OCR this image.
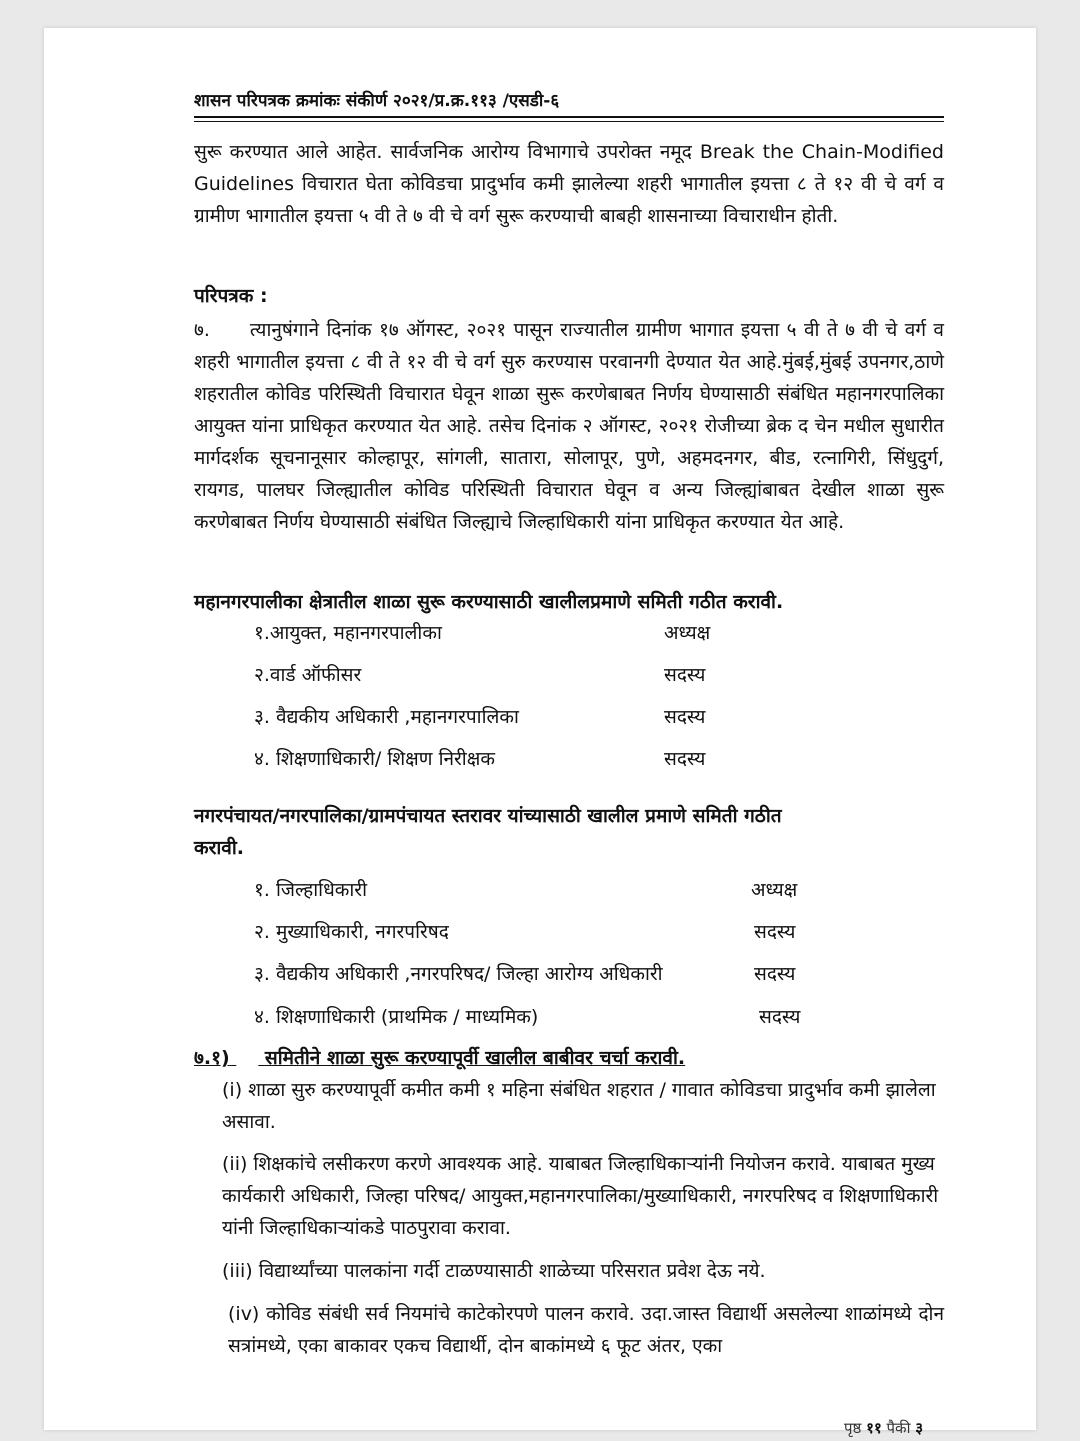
शासन परिपत्रक क्रमांकः संकीर्ण २०२१/प्र.क्र.११३ /एसडी-६
सुरू करण्यात आले आहेत. सार्वजनिक आरोग्य विभागाचे उपरोक्त नमूद Break the Chain-Modified Guidelines विचारात घेता कोविडचा प्रादुर्भाव कमी झालेल्या शहरी भागातील इयत्ता ८ ते १२ वी चे वर्ग व ग्रामीण भागातील इयत्ता ५ वी ते ७ वी चे वर्ग सुरू करण्याची बाबही शासनाच्या विचाराधीन होती.
परिपत्रक :
७. त्यानुषंगाने दिनांक १७ ऑगस्ट, २०२१ पासून राज्यातील ग्रामीण भागात इयत्ता ५ वी ते ७ वी चे वर्ग व शहरी भागातील इयत्ता ८ वी ते १२ वी चे वर्ग सुरु करण्यास परवानगी देण्यात येत आहे.मुंबई,मुंबई उपनगर,ठाणे शहरातील कोविड परिस्थिती विचारात घेवून शाळा सुरू करणेबाबत निर्णय घेण्यासाठी संबंधित महानगरपालिका आयुक्त यांना प्राधिकृत करण्यात येत आहे. तसेच दिनांक २ ऑगस्ट, २०२१ रोजीच्या ब्रेक द चेन मधील सुधारीत मार्गदर्शक सूचनानूसार कोल्हापूर, सांगली, सातारा, सोलापूर, पुणे, अहमदनगर, बीड, रत्नागिरी, सिंधुदुर्ग, रायगड, पालघर जिल्ह्यातील कोविड परिस्थिती विचारात घेवून व अन्य जिल्ह्यांबाबत देखील शाळा सुरू करणेबाबत निर्णय घेण्यासाठी संबंधित जिल्ह्याचे जिल्हाधिकारी यांना प्राधिकृत करण्यात येत आहे.
महानगरपालीका क्षेत्रातील शाळा सुरू करण्यासाठी खालीलप्रमाणे समिती गठीत करावी.
१.आयुक्त, महानगरपालीका	अध्यक्ष
२.वार्ड ऑफीसर	सदस्य
३. वैद्यकीय अधिकारी ,महानगरपालिका	सदस्य
४. शिक्षणाधिकारी/ शिक्षण निरीक्षक	सदस्य
नगरपंचायत/नगरपालिका/ग्रामपंचायत स्तरावर यांच्यासाठी खालील प्रमाणे समिती गठीत
करावी.
१. जिल्हाधिकारी	अध्यक्ष
२. मुख्याधिकारी, नगरपरिषद	सदस्य
३. वैद्यकीय अधिकारी ,नगरपरिषद/ जिल्हा आरोग्य अधिकारी	सदस्य
४. शिक्षणाधिकारी (प्राथमिक / माध्यमिक)	सदस्य
७.१) समितीने शाळा सुरू करण्यापूर्वी खालील बाबीवर चर्चा करावी.
(i) शाळा सुरु करण्यापूर्वी कमीत कमी १ महिना संबंधित शहरात / गावात कोविडचा प्रादुर्भाव कमी झालेला असावा.
(ii) शिक्षकांचे लसीकरण करणे आवश्यक आहे. याबाबत जिल्हाधिकाऱ्यांनी नियोजन करावे. याबाबत मुख्य कार्यकारी अधिकारी, जिल्हा परिषद/ आयुक्त,महानगरपालिका/मुख्याधिकारी, नगरपरिषद व शिक्षणाधिकारी यांनी जिल्हाधिकाऱ्यांकडे पाठपुरावा करावा.
(iii) विद्यार्थ्यांच्या पालकांना गर्दी टाळण्यासाठी शाळेच्या परिसरात प्रवेश देऊ नये.
(iv) कोविड संबंधी सर्व नियमांचे काटेकोरपणे पालन करावे. उदा.जास्त विद्यार्थी असलेल्या शाळांमध्ये दोन सत्रांमध्ये, एका बाकावर एकच विद्यार्थी, दोन बाकांमध्ये ६ फूट अंतर, एका
पृष्ठ ११ पैकी ३
